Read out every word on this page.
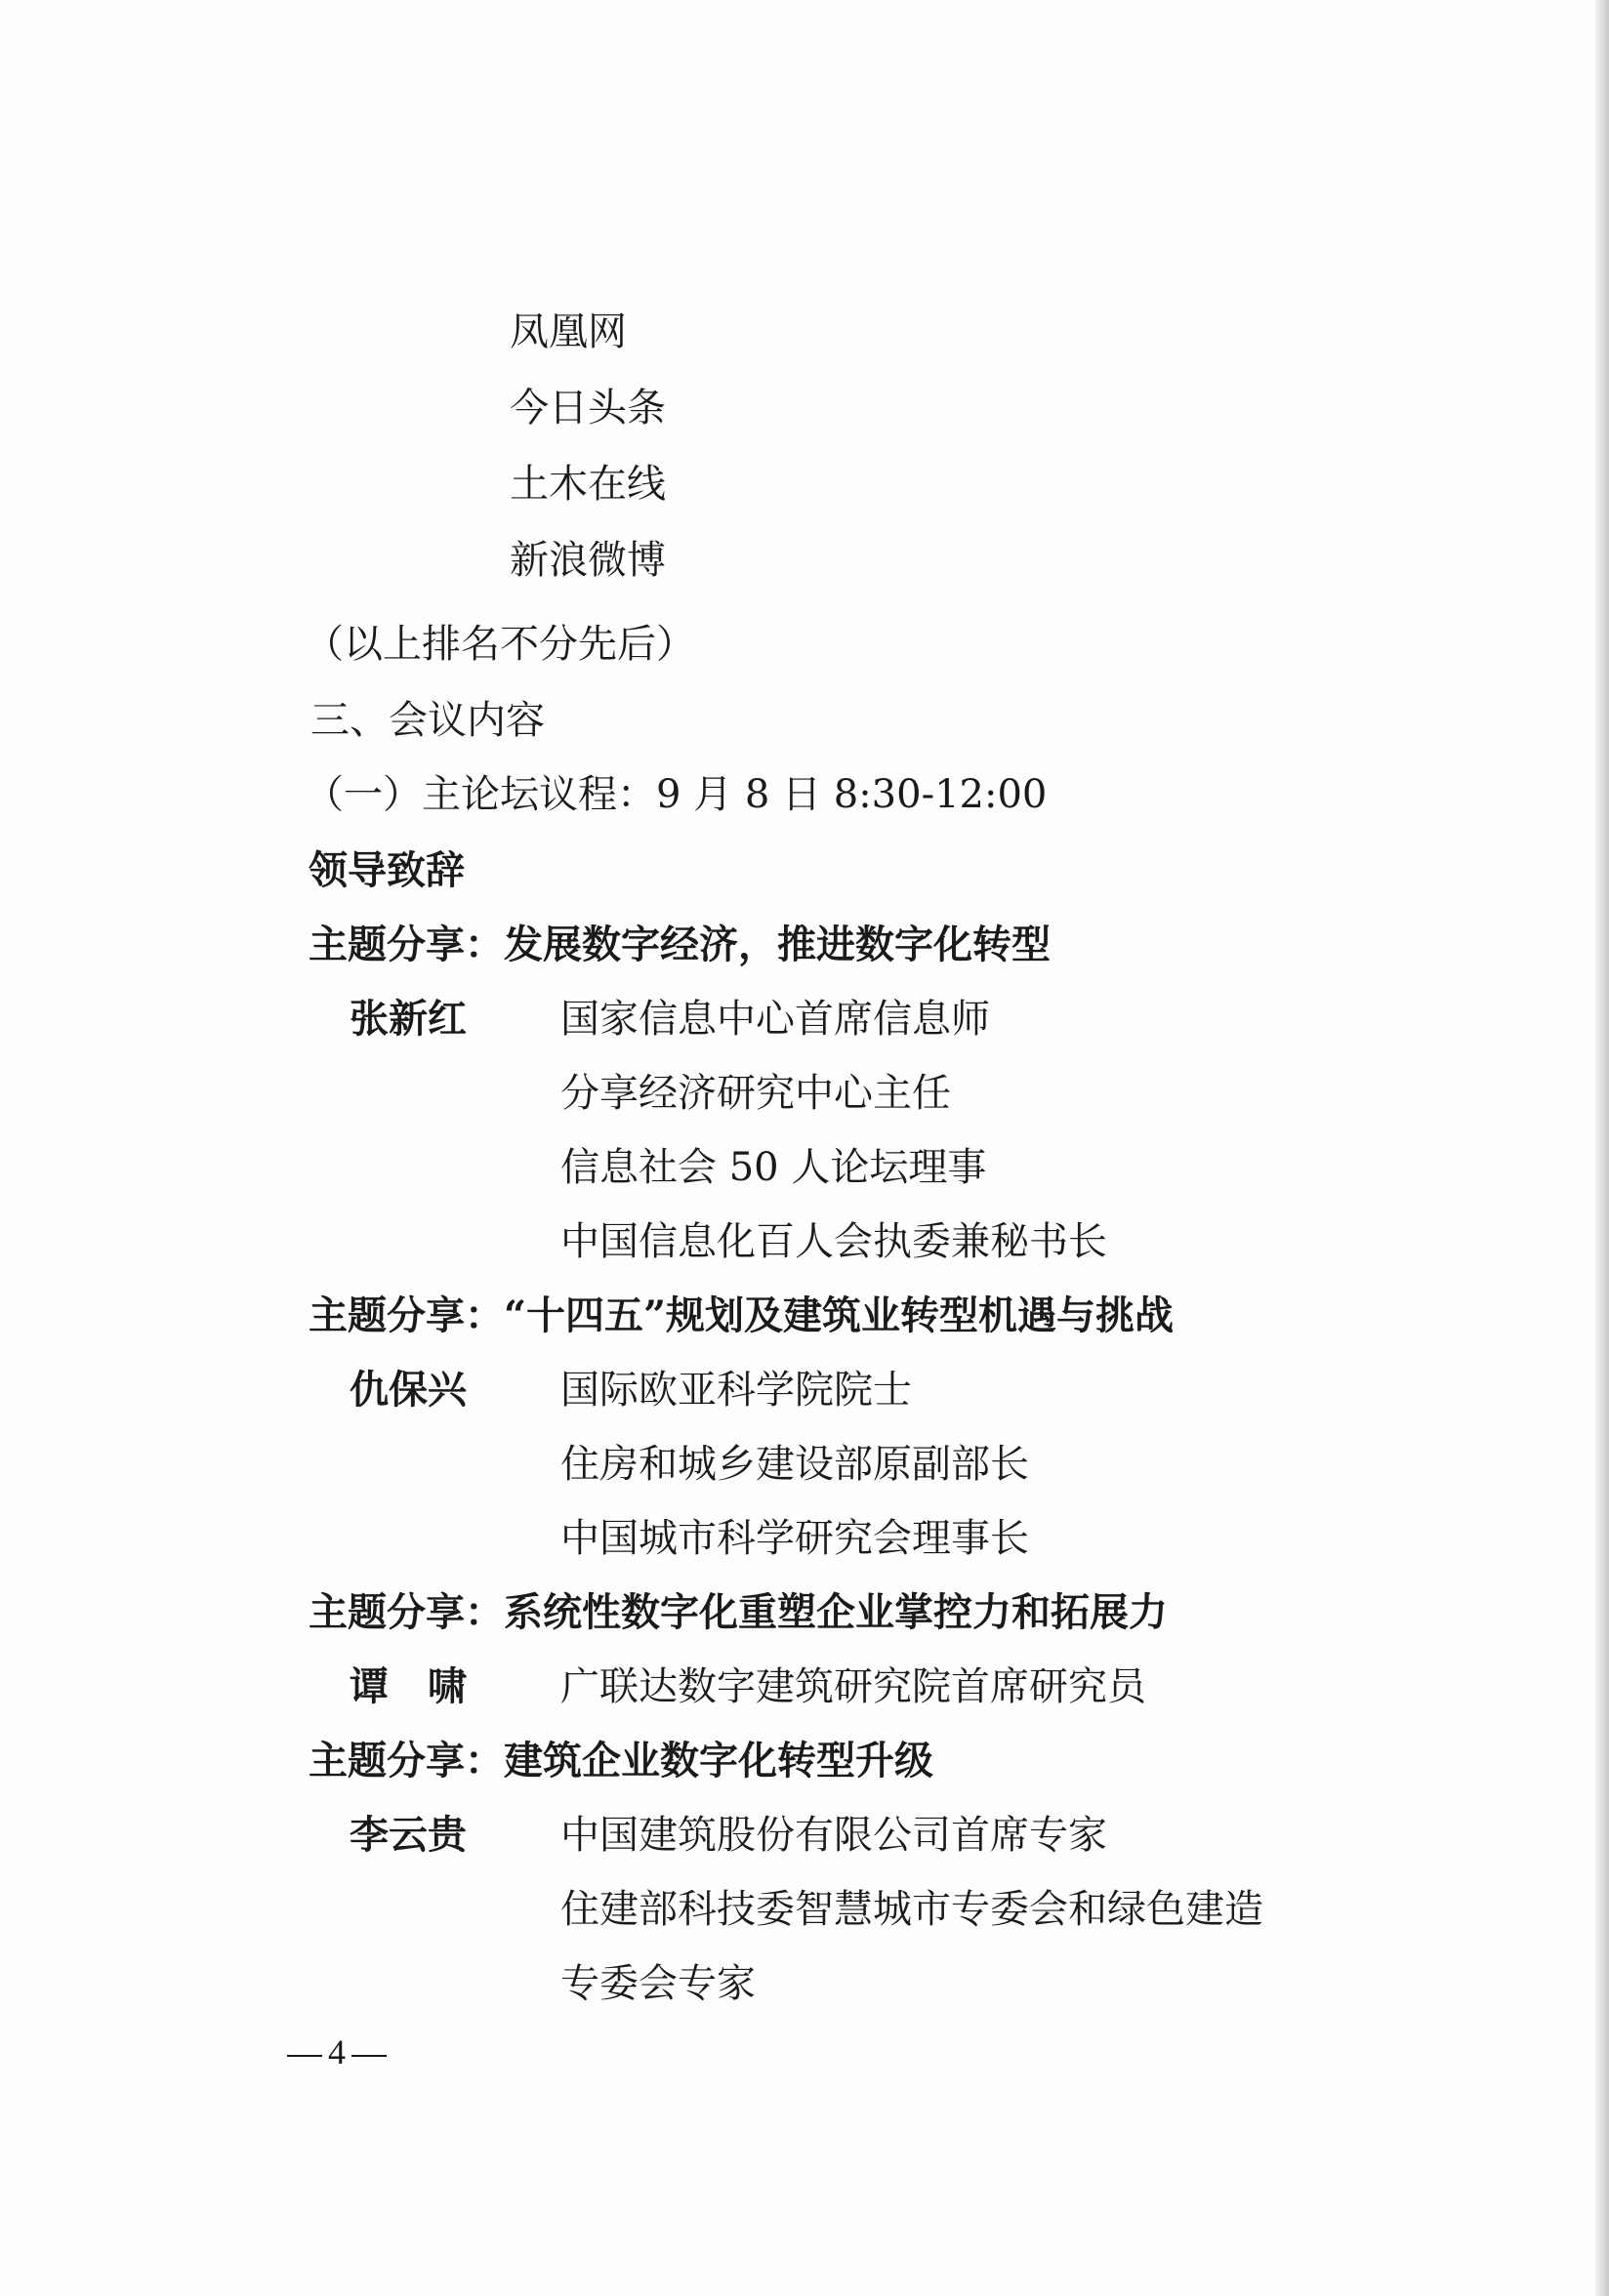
凤凰网
今日头条
土木在线
新浪微博
（以上排名不分先后）
三、会议内容
（一）主论坛议程：9 月 8 日 8:30-12:00
领导致辞
主题分享：发展数字经济，推进数字化转型
张新红 国家信息中心首席信息师
分享经济研究中心主任
信息社会 50 人论坛理事
中国信息化百人会执委兼秘书长
主题分享：“十四五”规划及建筑业转型机遇与挑战
仇保兴 国际欧亚科学院院士
住房和城乡建设部原副部长
中国城市科学研究会理事长
主题分享：系统性数字化重塑企业掌控力和拓展力
谭　啸 广联达数字建筑研究院首席研究员
主题分享：建筑企业数字化转型升级
李云贵 中国建筑股份有限公司首席专家
住建部科技委智慧城市专委会和绿色建造
专委会专家
4
